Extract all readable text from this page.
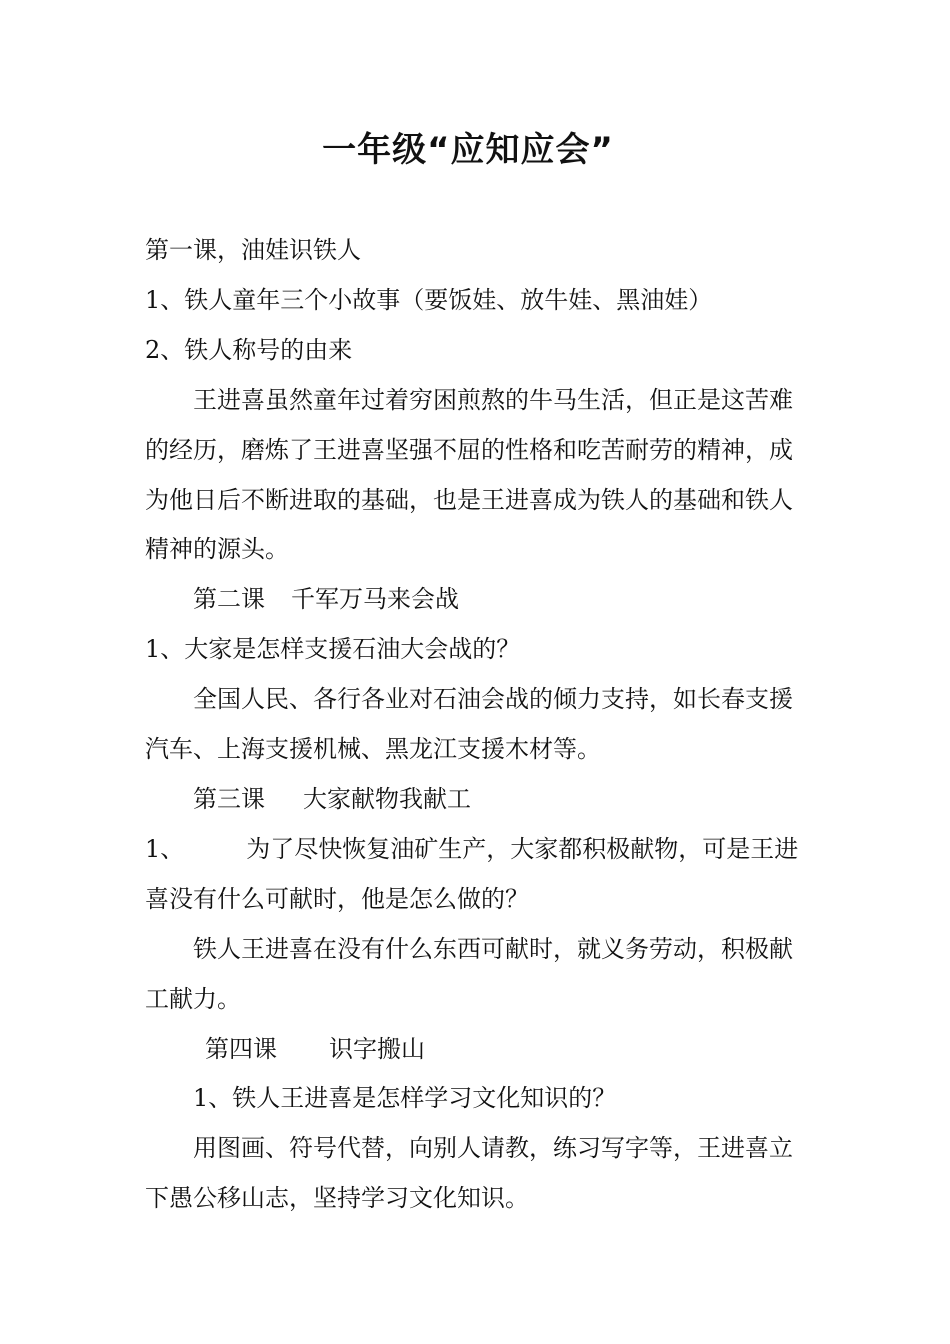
一年级“应知应会”

第一课，油娃识铁人

1、铁人童年三个小故事（要饭娃、放牛娃、黑油娃）

2、铁人称号的由来

王进喜虽然童年过着穷困煎熬的牛马生活，但正是这苦难的经历，磨炼了王进喜坚强不屈的性格和吃苦耐劳的精神，成为他日后不断进取的基础，也是王进喜成为铁人的基础和铁人精神的源头。

第二课 千军万马来会战

1、大家是怎样支援石油大会战的？

全国人民、各行各业对石油会战的倾力支持，如长春支援汽车、上海支援机械、黑龙江支援木材等。

第三课 大家献物我献工

1、	为了尽快恢复油矿生产，大家都积极献物，可是王进喜没有什么可献时，他是怎么做的？

铁人王进喜在没有什么东西可献时，就义务劳动，积极献工献力。

第四课 识字搬山

1、铁人王进喜是怎样学习文化知识的？

用图画、符号代替，向别人请教，练习写字等，王进喜立下愚公移山志，坚持学习文化知识。
